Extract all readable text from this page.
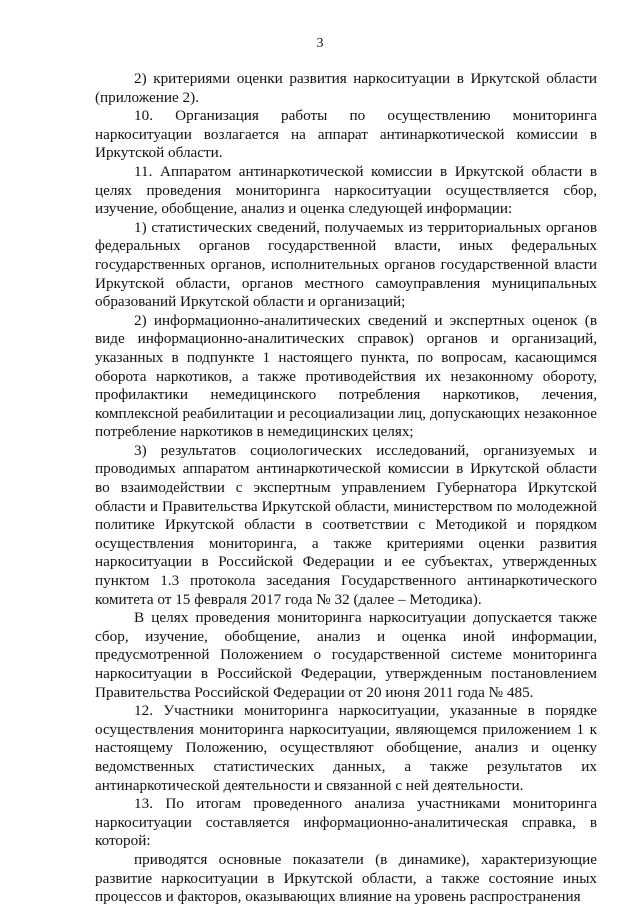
3

2) критериями оценки развития наркоситуации в Иркутской области (приложение 2).

10. Организация работы по осуществлению мониторинга наркоситуации возлагается на аппарат антинаркотической комиссии в Иркутской области.

11. Аппаратом антинаркотической комиссии в Иркутской области в целях проведения мониторинга наркоситуации осуществляется сбор, изучение, обобщение, анализ и оценка следующей информации:

1) статистических сведений, получаемых из территориальных органов федеральных органов государственной власти, иных федеральных государственных органов, исполнительных органов государственной власти Иркутской области, органов местного самоуправления муниципальных образований Иркутской области и организаций;

2) информационно-аналитических сведений и экспертных оценок (в виде информационно-аналитических справок) органов и организаций, указанных в подпункте 1 настоящего пункта, по вопросам, касающимся оборота наркотиков, а также противодействия их незаконному обороту, профилактики немедицинского потребления наркотиков, лечения, комплексной реабилитации и ресоциализации лиц, допускающих незаконное потребление наркотиков в немедицинских целях;

3) результатов социологических исследований, организуемых и проводимых аппаратом антинаркотической комиссии в Иркутской области во взаимодействии с экспертным управлением Губернатора Иркутской области и Правительства Иркутской области, министерством по молодежной политике Иркутской области в соответствии с Методикой и порядком осуществления мониторинга, а также критериями оценки развития наркоситуации в Российской Федерации и ее субъектах, утвержденных пунктом 1.3 протокола заседания Государственного антинаркотического комитета от 15 февраля 2017 года № 32 (далее – Методика).

В целях проведения мониторинга наркоситуации допускается также сбор, изучение, обобщение, анализ и оценка иной информации, предусмотренной Положением о государственной системе мониторинга наркоситуации в Российской Федерации, утвержденным постановлением Правительства Российской Федерации от 20 июня 2011 года № 485.

12. Участники мониторинга наркоситуации, указанные в порядке осуществления мониторинга наркоситуации, являющемся приложением 1 к настоящему Положению, осуществляют обобщение, анализ и оценку ведомственных статистических данных, а также результатов их антинаркотической деятельности и связанной с ней деятельности.

13. По итогам проведенного анализа участниками мониторинга наркоситуации составляется информационно-аналитическая справка, в которой:

приводятся основные показатели (в динамике), характеризующие развитие наркоситуации в Иркутской области, а также состояние иных процессов и факторов, оказывающих влияние на уровень распространения
